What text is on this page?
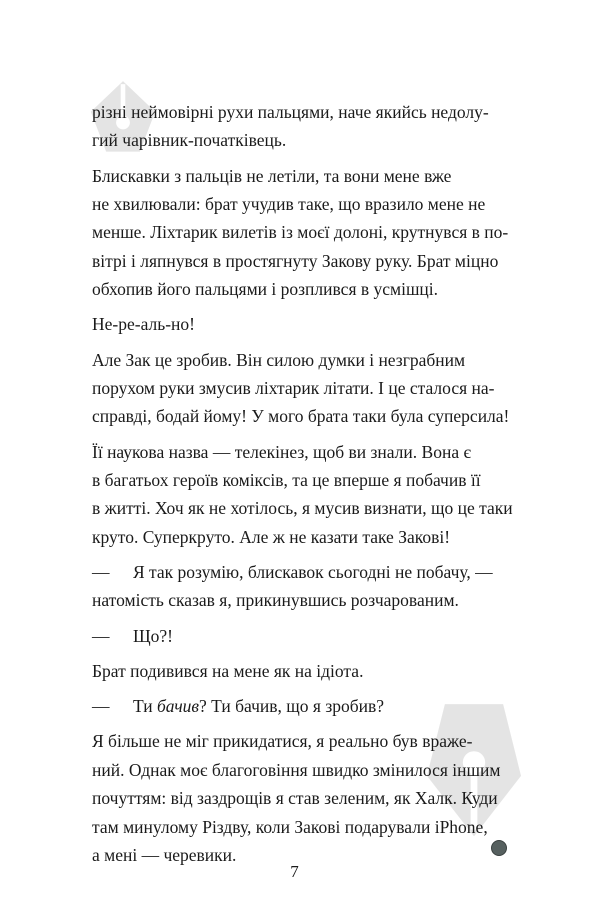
різні неймовірні рухи пальцями, наче якийсь недолу-
гий чарівник-початківець.

Блискавки з пальців не летіли, та вони мене вже
не хвилювали: брат учудив таке, що вразило мене не
менше. Ліхтарик вилетів із моєї долоні, крутнувся в по-
вітрі і ляпнувся в простягнуту Закову руку. Брат міцно
обхопив його пальцями і розплився в усмішці.

Не-ре-аль-но!

Але Зак це зробив. Він силою думки і незграбним
порухом руки змусив ліхтарик літати. І це сталося на-
справді, бодай йому! У мого брата таки була суперсила!

Її наукова назва — телекінез, щоб ви знали. Вона є
в багатьох героїв коміксів, та це вперше я побачив її
в житті. Хоч як не хотілось, я мусив визнати, що це таки
круто. Суперкруто. Але ж не казати таке Закові!

— Я так розумію, блискавок сьогодні не побачу, —
натомість сказав я, прикинувшись розчарованим.

— Що?!

Брат подивився на мене як на ідіота.

— Ти бачив? Ти бачив, що я зробив?

Я більше не міг прикидатися, я реально був враже-
ний. Однак моє благоговіння швидко змінилося іншим
почуттям: від заздрощів я став зеленим, як Халк. Куди
там минулому Різдву, коли Закові подарували iPhone,
а мені — черевики.

7
